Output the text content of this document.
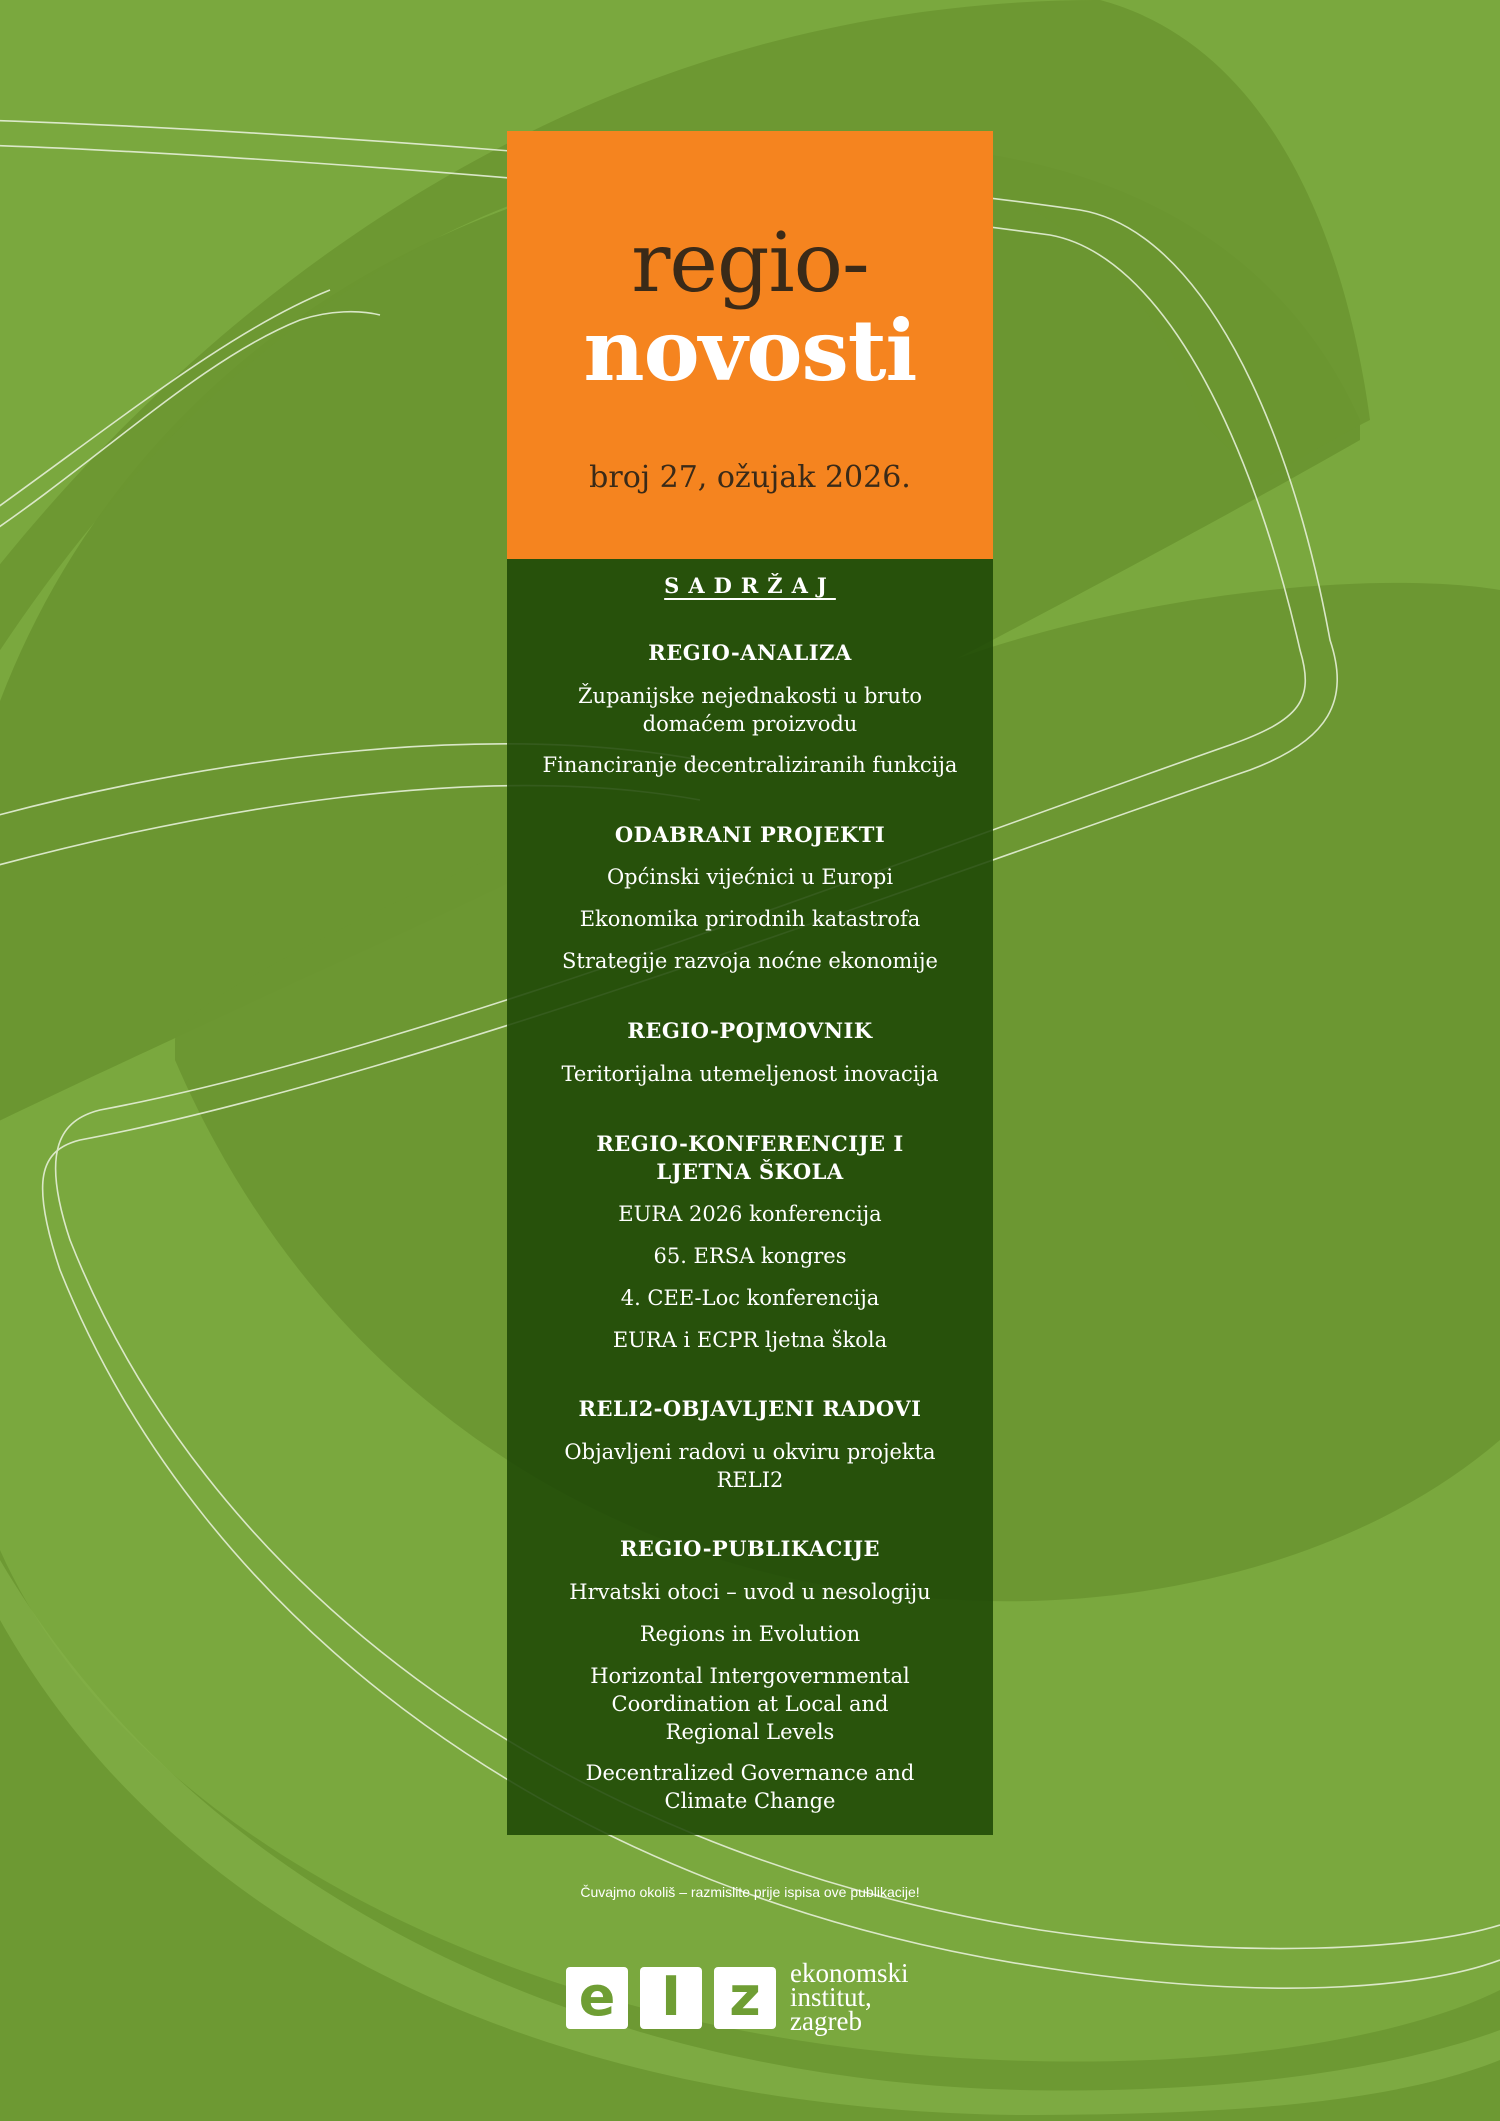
regio-
novosti
broj 27, ožujak 2026.
SADRŽAJ
REGIO-ANALIZA
Županijske nejednakosti u bruto domaćem proizvodu
Financiranje decentraliziranih funkcija
ODABRANI PROJEKTI
Općinski vijećnici u Europi
Ekonomika prirodnih katastrofa
Strategije razvoja noćne ekonomije
REGIO-POJMOVNIK
Teritorijalna utemeljenost inovacija
REGIO-KONFERENCIJE I LJETNA ŠKOLA
EURA 2026 konferencija
65. ERSA kongres
4. CEE-Loc konferencija
EURA i ECPR ljetna škola
RELI2-OBJAVLJENI RADOVI
Objavljeni radovi u okviru projekta RELI2
REGIO-PUBLIKACIJE
Hrvatski otoci – uvod u nesologiju
Regions in Evolution
Horizontal Intergovernmental Coordination at Local and Regional Levels
Decentralized Governance and Climate Change
Čuvajmo okoliš – razmislite prije ispisa ove publikacije!
e I z	ekonomski
institut,
zagreb
